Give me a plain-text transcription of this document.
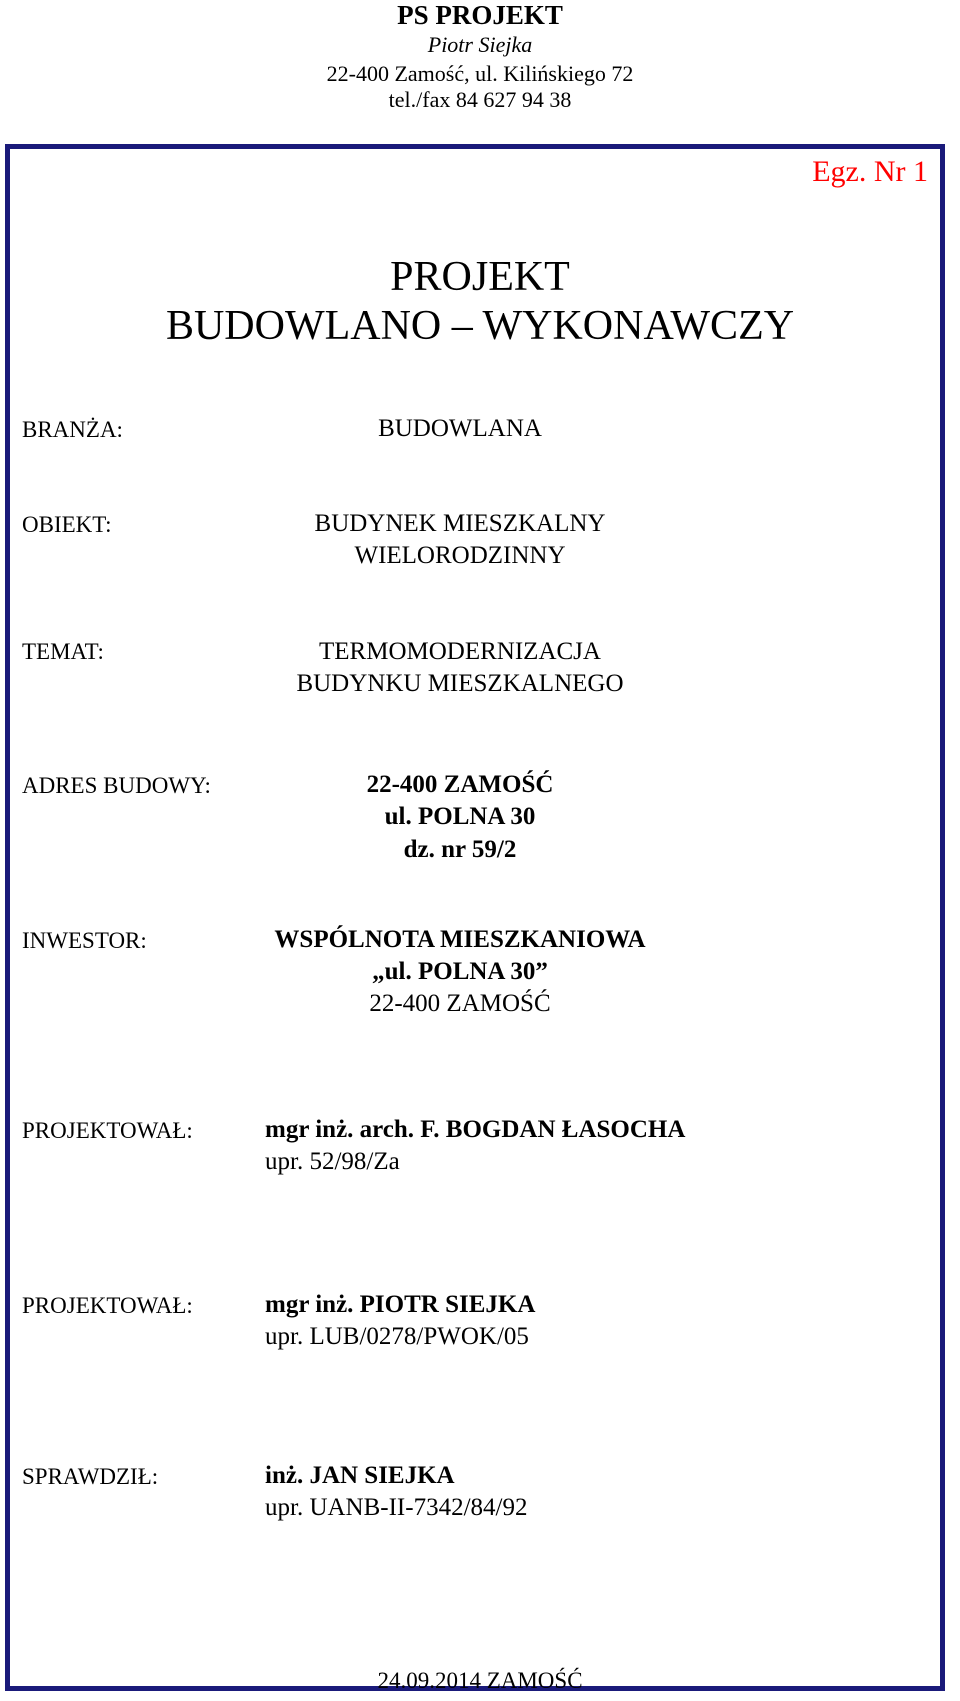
PS PROJEKT
Piotr Siejka
22-400 Zamość, ul. Kilińskiego 72
tel./fax 84 627 94 38
Egz. Nr 1
PROJEKT
BUDOWLANO – WYKONAWCZY
BRANŻA:	BUDOWLANA
OBIEKT:	BUDYNEK MIESZKALNY
WIELORODZINNY
TEMAT:	TERMOMODERNIZACJA
BUDYNKU MIESZKALNEGO
ADRES BUDOWY:	22-400 ZAMOŚĆ
ul. POLNA 30
dz. nr 59/2
INWESTOR:	WSPÓLNOTA MIESZKANIOWA
„ul. POLNA 30”
22-400 ZAMOŚĆ
PROJEKTOWAŁ:	mgr inż. arch. F. BOGDAN ŁASOCHA
upr. 52/98/Za
PROJEKTOWAŁ:	mgr inż. PIOTR SIEJKA
upr. LUB/0278/PWOK/05
SPRAWDZIŁ:	inż. JAN SIEJKA
upr. UANB-II-7342/84/92
24.09.2014 ZAMOŚĆ
